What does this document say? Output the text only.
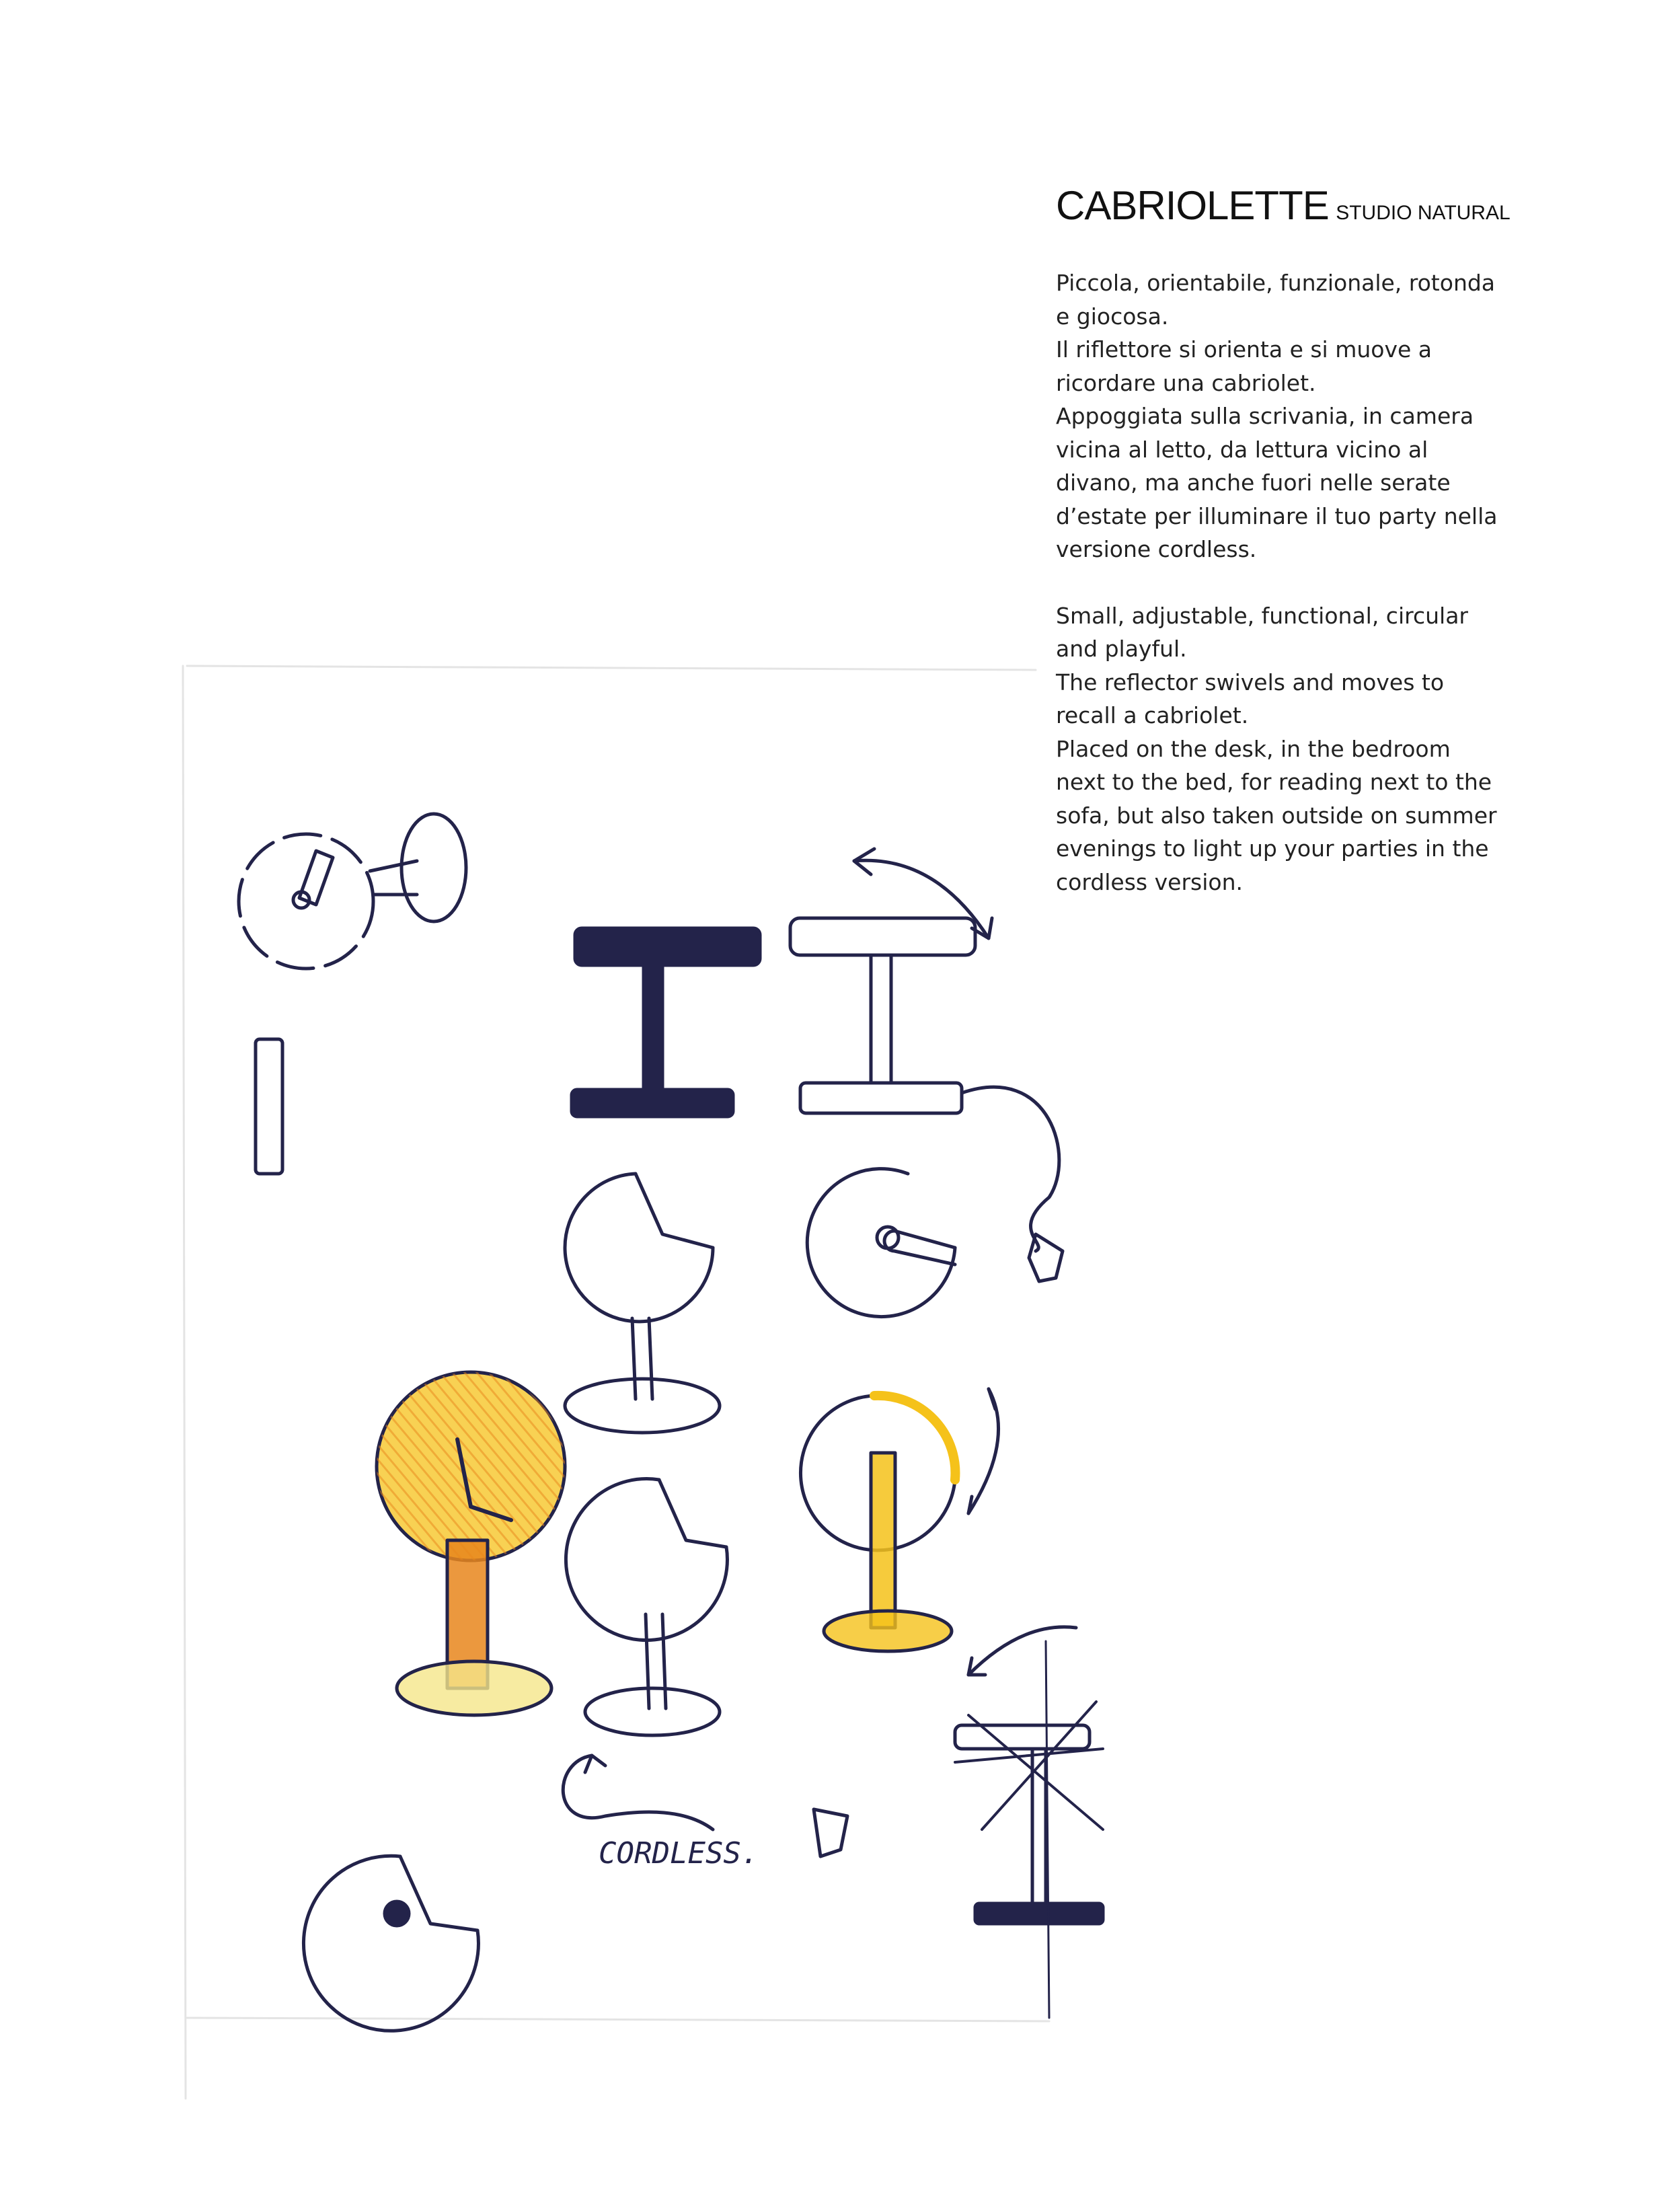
CABRIOLETTE STUDIO NATURAL

Piccola, orientabile, funzionale, rotonda
e giocosa.
Il riflettore si orienta e si muove a
ricordare una cabriolet.
Appoggiata sulla scrivania, in camera
vicina al letto, da lettura vicino al
divano, ma anche fuori nelle serate
d’estate per illuminare il tuo party nella
versione cordless.

Small, adjustable, functional, circular
and playful.
The reflector swivels and moves to
recall a cabriolet.
Placed on the desk, in the bedroom
next to the bed, for reading next to the
sofa, but also taken outside on summer
evenings to light up your parties in the
cordless version.

CORDLESS.
